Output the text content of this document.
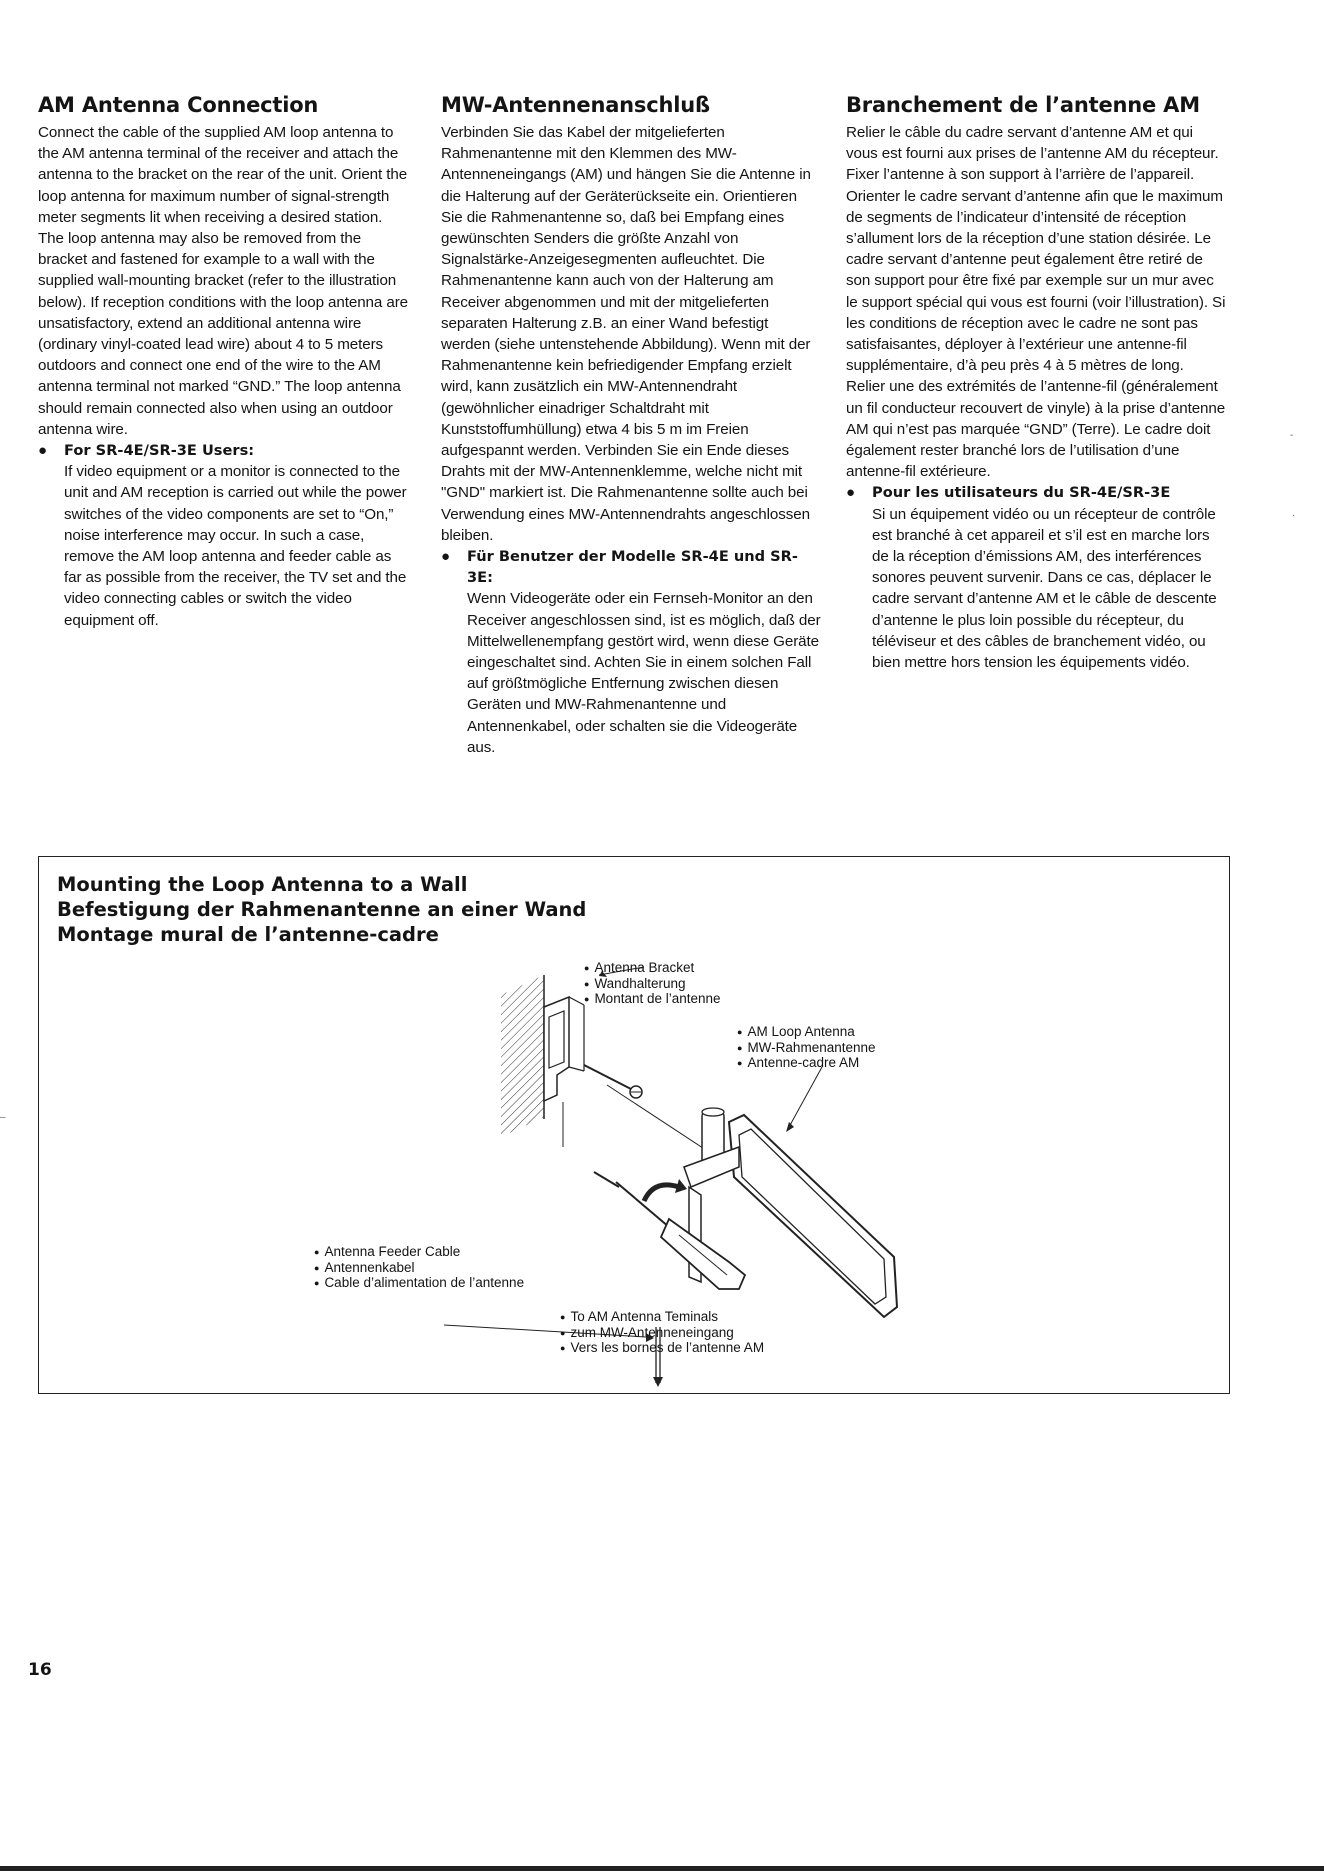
AM Antenna Connection

Connect the cable of the supplied AM loop antenna to the AM antenna terminal of the receiver and attach the antenna to the bracket on the rear of the unit. Orient the loop antenna for maximum number of signal-strength meter segments lit when receiving a desired station. The loop antenna may also be removed from the bracket and fastened for example to a wall with the supplied wall-mounting bracket (refer to the illustration below). If reception conditions with the loop antenna are unsatisfactory, extend an additional antenna wire (ordinary vinyl-coated lead wire) about 4 to 5 meters outdoors and connect one end of the wire to the AM antenna terminal not marked “GND.” The loop antenna should remain connected also when using an outdoor antenna wire.

● For SR-4E/SR-3E Users:

If video equipment or a monitor is connected to the unit and AM reception is carried out while the power switches of the video components are set to “On,” noise interference may occur. In such a case, remove the AM loop antenna and feeder cable as far as possible from the receiver, the TV set and the video connecting cables or switch the video equipment off.

MW-Antennenanschluß

Verbinden Sie das Kabel der mitgelieferten Rahmenantenne mit den Klemmen des MW-Antenneneingangs (AM) und hängen Sie die Antenne in die Halterung auf der Geräterückseite ein. Orientieren Sie die Rahmenantenne so, daß bei Empfang eines gewünschten Senders die größte Anzahl von Signalstärke-Anzeigesegmenten aufleuchtet. Die Rahmenantenne kann auch von der Halterung am Receiver abgenommen und mit der mitgelieferten separaten Halterung z.B. an einer Wand befestigt werden (siehe untenstehende Abbildung). Wenn mit der Rahmenantenne kein befriedigender Empfang erzielt wird, kann zusätzlich ein MW-Antennendraht (gewöhnlicher einadriger Schaltdraht mit Kunststoffumhüllung) etwa 4 bis 5 m im Freien aufgespannt werden. Verbinden Sie ein Ende dieses Drahts mit der MW-Antennenklemme, welche nicht mit "GND" markiert ist. Die Rahmenantenne sollte auch bei Verwendung eines MW-Antennendrahts angeschlossen bleiben.

● Für Benutzer der Modelle SR-4E und SR-3E:

Wenn Videogeräte oder ein Fernseh-Monitor an den Receiver angeschlossen sind, ist es möglich, daß der Mittelwellenempfang gestört wird, wenn diese Geräte eingeschaltet sind. Achten Sie in einem solchen Fall auf größtmögliche Entfernung zwischen diesen Geräten und MW-Rahmenantenne und Antennenkabel, oder schalten sie die Videogeräte aus.

Branchement de l’antenne AM

Relier le câble du cadre servant d’antenne AM et qui vous est fourni aux prises de l’antenne AM du récepteur. Fixer l’antenne à son support à l’arrière de l’appareil. Orienter le cadre servant d’antenne afin que le maximum de segments de l’indicateur d’intensité de réception s’allument lors de la réception d’une station désirée. Le cadre servant d’antenne peut également être retiré de son support pour être fixé par exemple sur un mur avec le support spécial qui vous est fourni (voir l’illustration). Si les conditions de réception avec le cadre ne sont pas satisfaisantes, déployer à l’extérieur une antenne-fil supplémentaire, d’à peu près 4 à 5 mètres de long. Relier une des extrémités de l’antenne-fil (généralement un fil conducteur recouvert de vinyle) à la prise d’antenne AM qui n’est pas marquée “GND” (Terre). Le cadre doit également rester branché lors de l’utilisation d’une antenne-fil extérieure.

● Pour les utilisateurs du SR-4E/SR-3E

Si un équipement vidéo ou un récepteur de contrôle est branché à cet appareil et s’il est en marche lors de la réception d’émissions AM, des interférences sonores peuvent survenir. Dans ce cas, déplacer le cadre servant d’antenne AM et le câble de descente d’antenne le plus loin possible du récepteur, du téléviseur et des câbles de branchement vidéo, ou bien mettre hors tension les équipements vidéo.

Mounting the Loop Antenna to a Wall
Befestigung der Rahmenantenne an einer Wand
Montage mural de l’antenne-cadre
● Antenna Bracket
● Wandhalterung
● Montant de l’antenne
● AM Loop Antenna
● MW-Rahmenantenne
● Antenne-cadre AM
● Antenna Feeder Cable
● Antennenkabel
● Cable d’alimentation de l’antenne
● To AM Antenna Teminals
● zum MW-Antenneneingang
● Vers les bornes de l’antenne AM
16
-
·
–
